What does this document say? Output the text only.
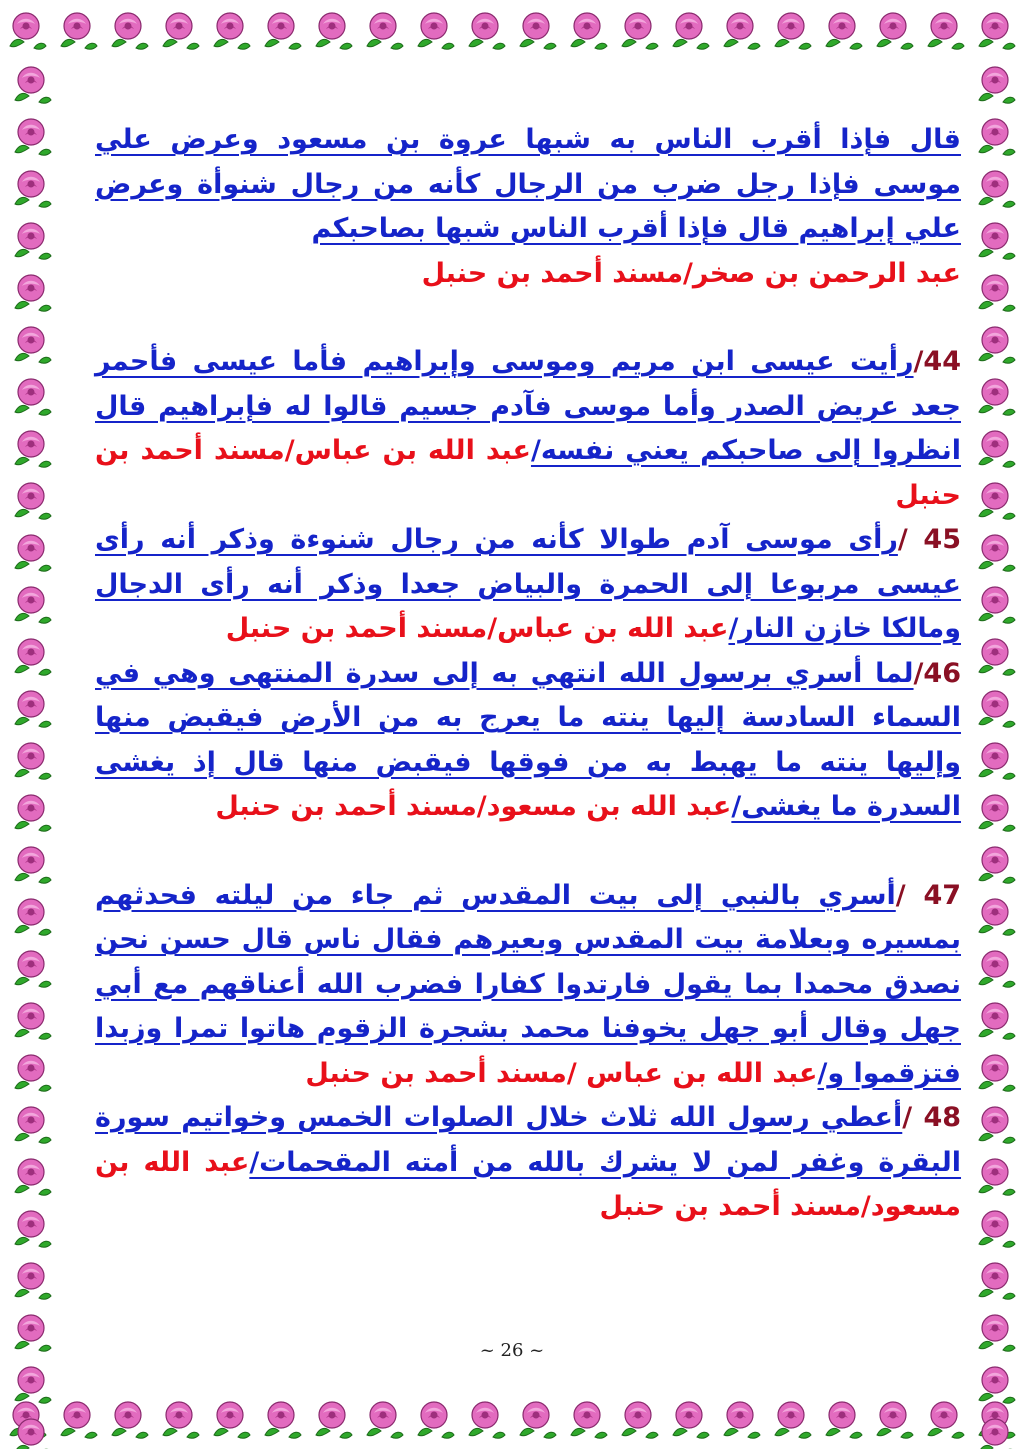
قال فإذا أقرب الناس به شبها عروة بن مسعود وعرض علي موسى فإذا رجل ضرب من الرجال كأنه من رجال شنوأة وعرض علي إبراهيم قال فإذا أقرب الناس شبها بصاحبكم
عبد الرحمن بن صخر/مسند أحمد بن حنبل

44/رأيت عيسى ابن مريم وموسى وإبراهيم فأما عيسى فأحمر جعد عريض الصدر وأما موسى فآدم جسيم قالوا له فإبراهيم قال انظروا إلى صاحبكم يعني نفسه/عبد الله بن عباس/مسند أحمد بن حنبل

45 /رأى موسى آدم طوالا كأنه من رجال شنوءة وذكر أنه رأى عيسى مربوعا إلى الحمرة والبياض جعدا وذكر أنه رأى الدجال ومالكا خازن النار/عبد الله بن عباس/مسند أحمد بن حنبل

46/لما أسري برسول الله انتهي به إلى سدرة المنتهى وهي في السماء السادسة إليها ينته ما يعرج به من الأرض فيقبض منها وإليها ينته ما يهبط به من فوقها فيقبض منها قال إذ يغشى السدرة ما يغشى/عبد الله بن مسعود/مسند أحمد بن حنبل

47 /أسري بالنبي إلى بيت المقدس ثم جاء من ليلته فحدثهم بمسيره وبعلامة بيت المقدس وبعيرهم فقال ناس قال حسن نحن نصدق محمدا بما يقول فارتدوا كفارا فضرب الله أعناقهم مع أبي جهل وقال أبو جهل يخوفنا محمد بشجرة الزقوم هاتوا تمرا وزبدا فتزقموا و/عبد الله بن عباس /مسند أحمد بن حنبل

48 /أعطي رسول الله ثلاث خلال الصلوات الخمس وخواتيم سورة البقرة وغفر لمن لا يشرك بالله من أمته المقحمات/عبد الله بن مسعود/مسند أحمد بن حنبل

~ 26 ~
